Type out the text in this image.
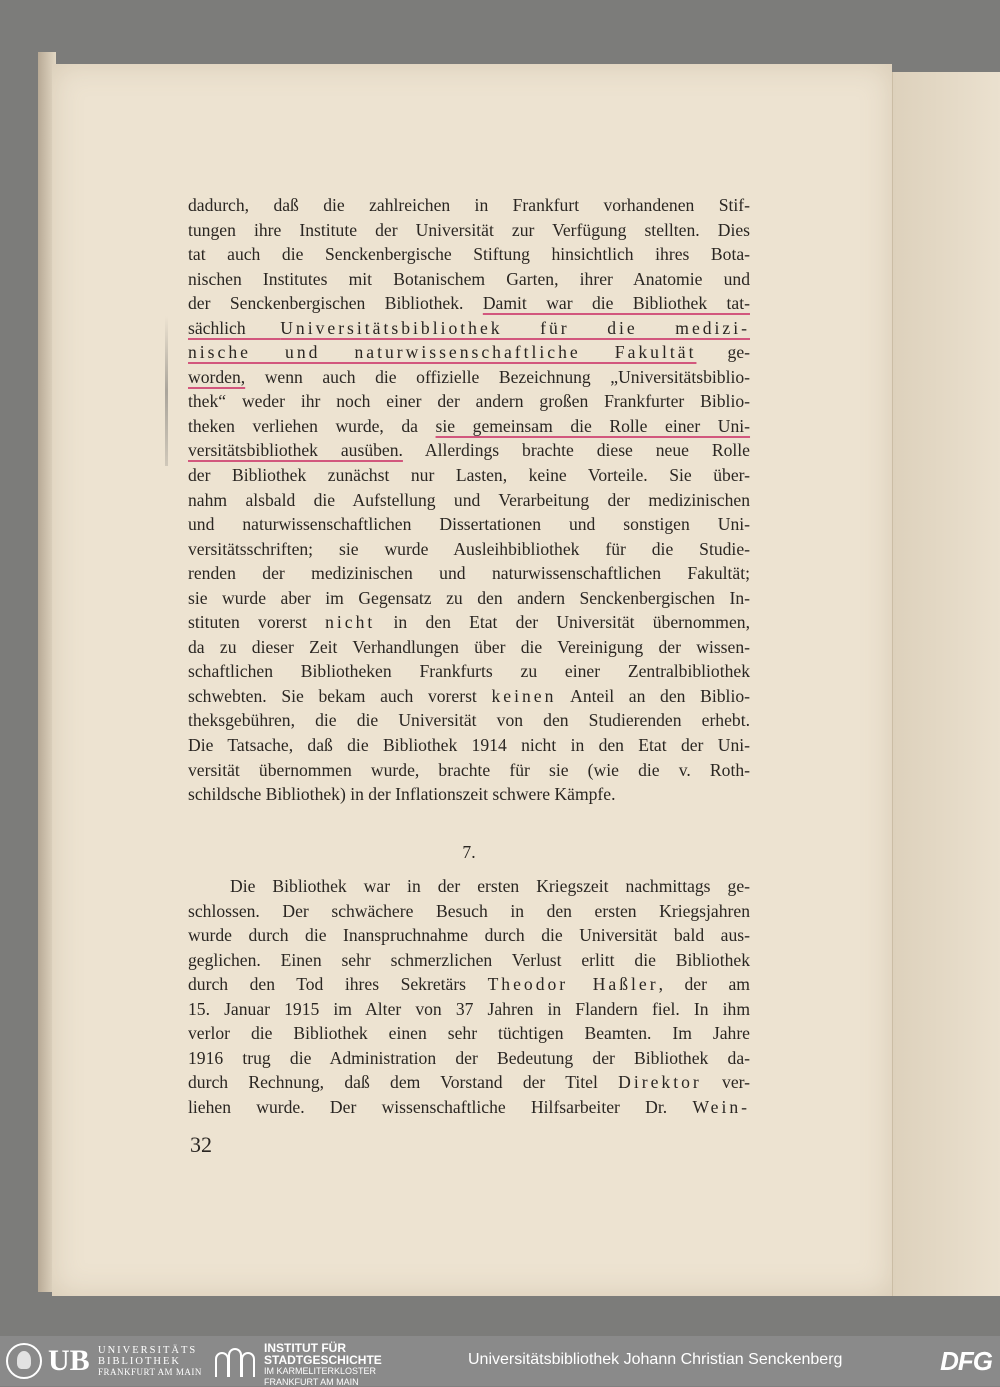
dadurch, daß die zahlreichen in Frankfurt vorhandenen Stif-
tungen ihre Institute der Universität zur Verfügung stellten. Dies
tat auch die Senckenbergische Stiftung hinsichtlich ihres Bota-
nischen Institutes mit Botanischem Garten, ihrer Anatomie und
der Senckenbergischen Bibliothek. Damit war die Bibliothek tat-
sächlich Universitätsbibliothek für die medizi-
nische und naturwissenschaftliche Fakultät ge-
worden, wenn auch die offizielle Bezeichnung „Universitätsbiblio-
thek“ weder ihr noch einer der andern großen Frankfurter Biblio-
theken verliehen wurde, da sie gemeinsam die Rolle einer Uni-
versitätsbibliothek ausüben. Allerdings brachte diese neue Rolle
der Bibliothek zunächst nur Lasten, keine Vorteile. Sie über-
nahm alsbald die Aufstellung und Verarbeitung der medizinischen
und naturwissenschaftlichen Dissertationen und sonstigen Uni-
versitätsschriften; sie wurde Ausleihbibliothek für die Studie-
renden der medizinischen und naturwissenschaftlichen Fakultät;
sie wurde aber im Gegensatz zu den andern Senckenbergischen In-
stituten vorerst nicht in den Etat der Universität übernommen,
da zu dieser Zeit Verhandlungen über die Vereinigung der wissen-
schaftlichen Bibliotheken Frankfurts zu einer Zentralbibliothek
schwebten. Sie bekam auch vorerst keinen Anteil an den Biblio-
theksgebühren, die die Universität von den Studierenden erhebt.
Die Tatsache, daß die Bibliothek 1914 nicht in den Etat der Uni-
versität übernommen wurde, brachte für sie (wie die v. Roth-
schildsche Bibliothek) in der Inflationszeit schwere Kämpfe.
7.
Die Bibliothek war in der ersten Kriegszeit nachmittags ge-
schlossen. Der schwächere Besuch in den ersten Kriegsjahren
wurde durch die Inanspruchnahme durch die Universität bald aus-
geglichen. Einen sehr schmerzlichen Verlust erlitt die Bibliothek
durch den Tod ihres Sekretärs Theodor Haßler, der am
15. Januar 1915 im Alter von 37 Jahren in Flandern fiel. In ihm
verlor die Bibliothek einen sehr tüchtigen Beamten. Im Jahre
1916 trug die Administration der Bedeutung der Bibliothek da-
durch Rechnung, daß dem Vorstand der Titel Direktor ver-
liehen wurde. Der wissenschaftliche Hilfsarbeiter Dr. Wein-
32
UB UNIVERSITÄTS
BIBLIOTHEK
FRANKFURT AM MAIN
INSTITUT FÜR
STADTGESCHICHTE
IM KARMELITERKLOSTER
FRANKFURT AM MAIN
Universitätsbibliothek Johann Christian Senckenberg	DFG
